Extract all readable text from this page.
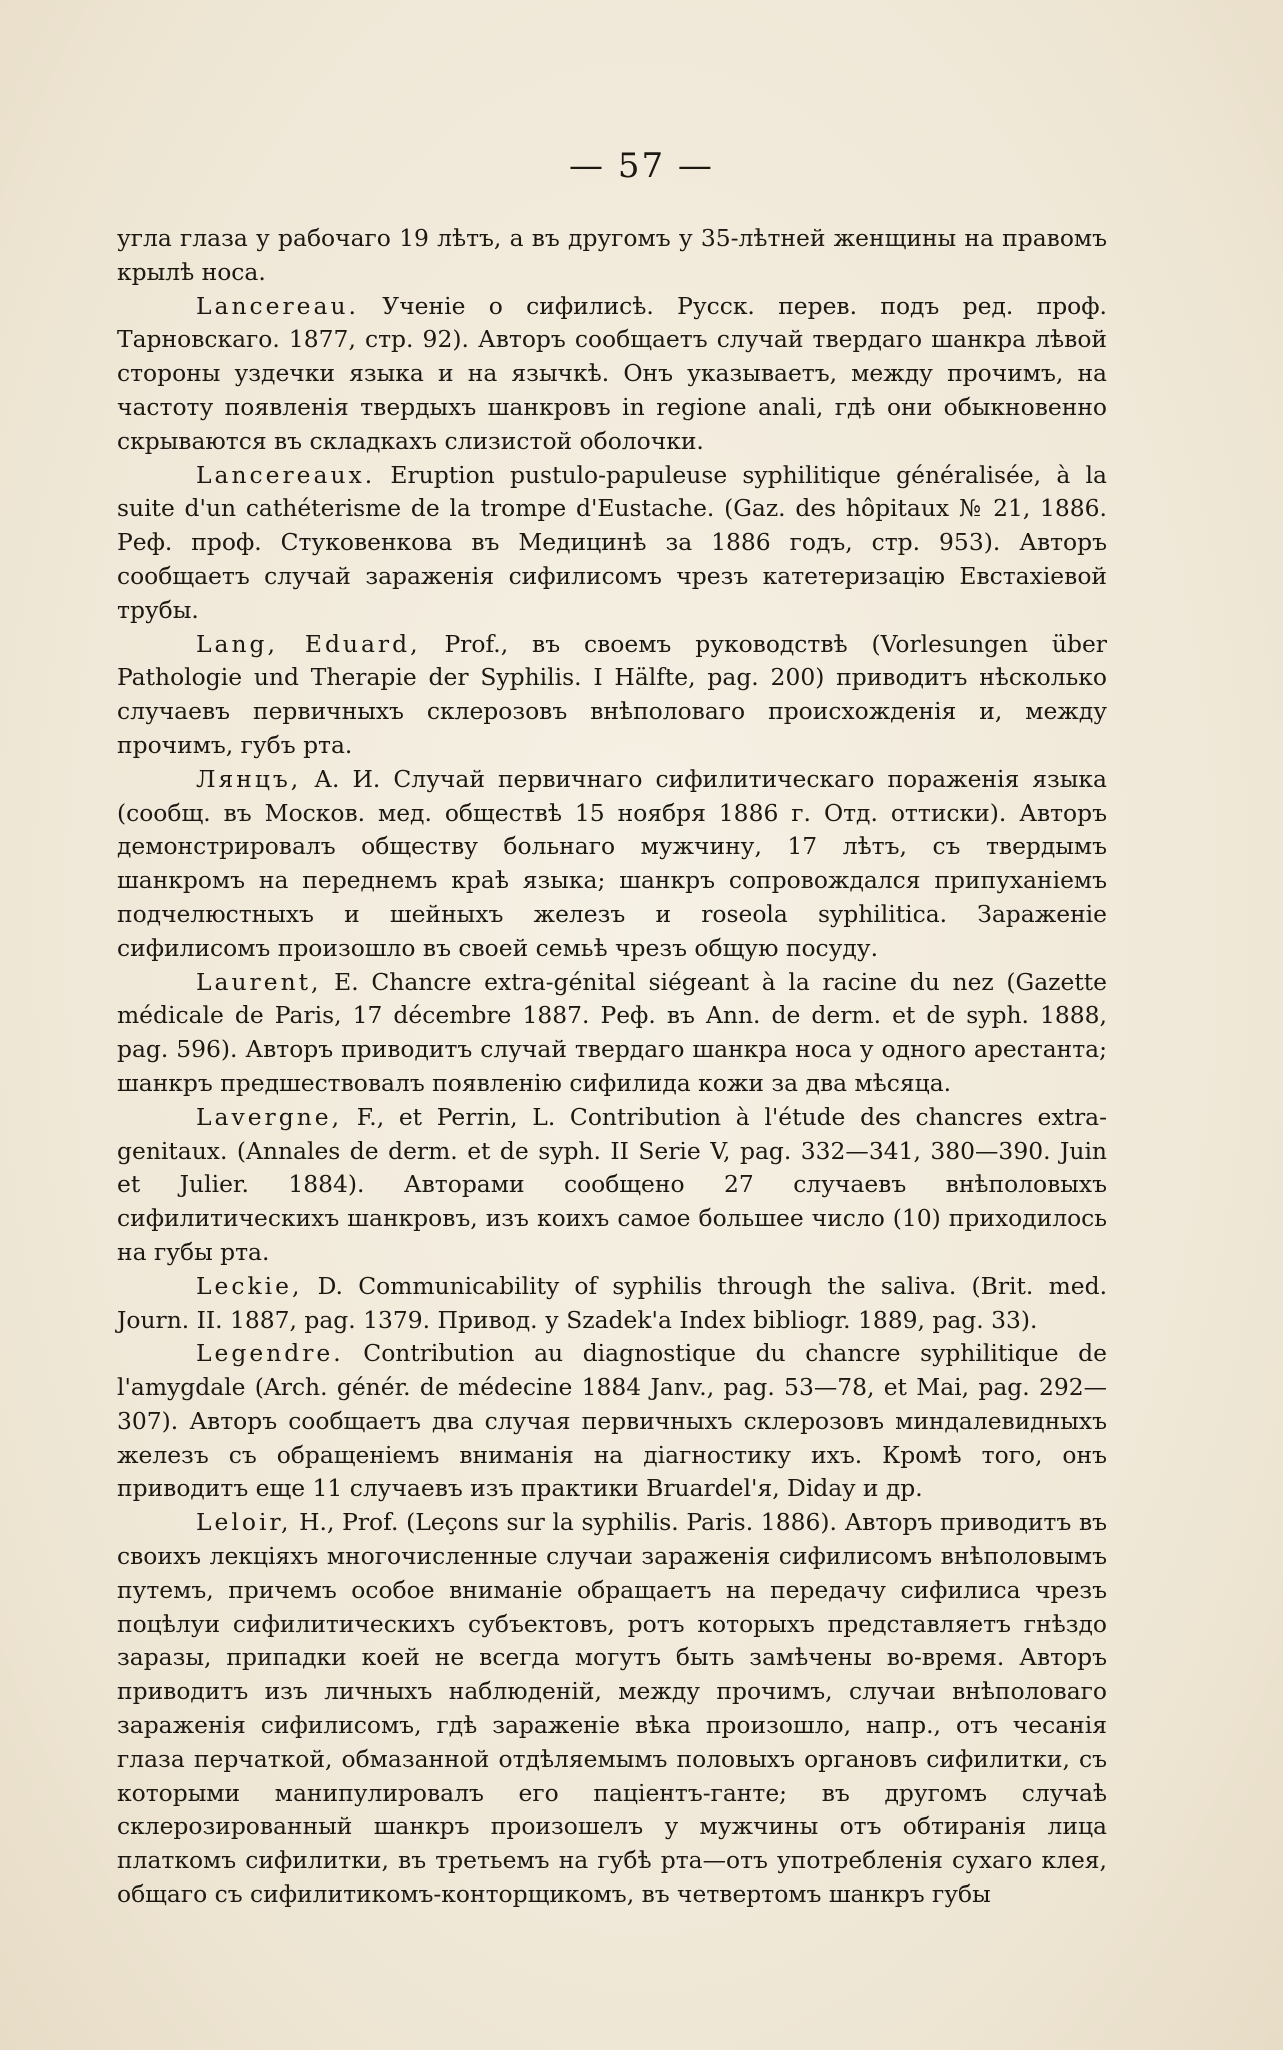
— 57 —

угла глаза у рабочаго 19 лѣтъ, а въ другомъ у 35-лѣтней женщины на правомъ крылѣ носа.

Lancereau. Ученіе о сифилисѣ. Русск. перев. подъ ред. проф. Тарновскаго. 1877, стр. 92). Авторъ сообщаетъ случай твердаго шанкра лѣвой стороны уздечки языка и на язычкѣ. Онъ указываетъ, между прочимъ, на частоту появленія твердыхъ шанкровъ in regione anali, гдѣ они обыкновенно скрываются въ складкахъ слизистой оболочки.

Lancereaux. Eruption pustulo-papuleuse syphilitique généralisée, à la suite d'un cathéterisme de la trompe d'Eustache. (Gaz. des hôpitaux № 21, 1886. Реф. проф. Стуковенкова въ Медицинѣ за 1886 годъ, стр. 953). Авторъ сообщаетъ случай зараженія сифилисомъ чрезъ катетеризацію Евстахіевой трубы.

Lang, Eduard, Prof., въ своемъ руководствѣ (Vorlesungen über Pathologie und Therapie der Syphilis. I Hälfte, pag. 200) приводитъ нѣсколько случаевъ первичныхъ склерозовъ внѣполоваго происхожденія и, между прочимъ, губъ рта.

Лянцъ, А. И. Случай первичнаго сифилитическаго пораженія языка (сообщ. въ Москов. мед. обществѣ 15 ноября 1886 г. Отд. оттиски). Авторъ демонстрировалъ обществу больнаго мужчину, 17 лѣтъ, съ твердымъ шанкромъ на переднемъ краѣ языка; шанкръ сопровождался припуханіемъ подчелюстныхъ и шейныхъ железъ и roseola syphilitica. Зараженіе сифилисомъ произошло въ своей семьѣ чрезъ общую посуду.

Laurent, E. Chancre extra-génital siégeant à la racine du nez (Gazette médicale de Paris, 17 décembre 1887. Реф. въ Ann. de derm. et de syph. 1888, pag. 596). Авторъ приводитъ случай твердаго шанкра носа у одного арестанта; шанкръ предшествовалъ появленію сифилида кожи за два мѣсяца.

Lavergne, F., et Perrin, L. Contribution à l'étude des chancres extra-genitaux. (Annales de derm. et de syph. II Serie V, pag. 332—341, 380—390. Juin et Julier. 1884). Авторами сообщено 27 случаевъ внѣполовыхъ сифилитическихъ шанкровъ, изъ коихъ самое большее число (10) приходилось на губы рта.

Leckie, D. Communicability of syphilis through the saliva. (Brit. med. Journ. II. 1887, pag. 1379. Привод. у Szadek'a Index bibliogr. 1889, pag. 33).

Legendre. Contribution au diagnostique du chancre syphilitique de l'amygdale (Arch. génér. de médecine 1884 Janv., pag. 53—78, et Mai, pag. 292—307). Авторъ сообщаетъ два случая первичныхъ склерозовъ миндалевидныхъ железъ съ обращеніемъ вниманія на діагностику ихъ. Кромѣ того, онъ приводитъ еще 11 случаевъ изъ практики Bruardel'я, Diday и др.

Leloir, H., Prof. (Leçons sur la syphilis. Paris. 1886). Авторъ приводитъ въ своихъ лекціяхъ многочисленные случаи зараженія сифилисомъ внѣполовымъ путемъ, причемъ особое вниманіе обращаетъ на передачу сифилиса чрезъ поцѣлуи сифилитическихъ субъектовъ, ротъ которыхъ представляетъ гнѣздо заразы, припадки коей не всегда могутъ быть замѣчены во-время. Авторъ приводитъ изъ личныхъ наблюденій, между прочимъ, случаи внѣполоваго зараженія сифилисомъ, гдѣ зараженіе вѣка произошло, напр., отъ чесанія глаза перчаткой, обмазанной отдѣляемымъ половыхъ органовъ сифилитки, съ которыми манипулировалъ его паціентъ-ганте; въ другомъ случаѣ склерозированный шанкръ произошелъ у мужчины отъ обтиранія лица платкомъ сифилитки, въ третьемъ на губѣ рта—отъ употребленія сухаго клея, общаго съ сифилитикомъ-конторщикомъ, въ четвертомъ шанкръ губы
